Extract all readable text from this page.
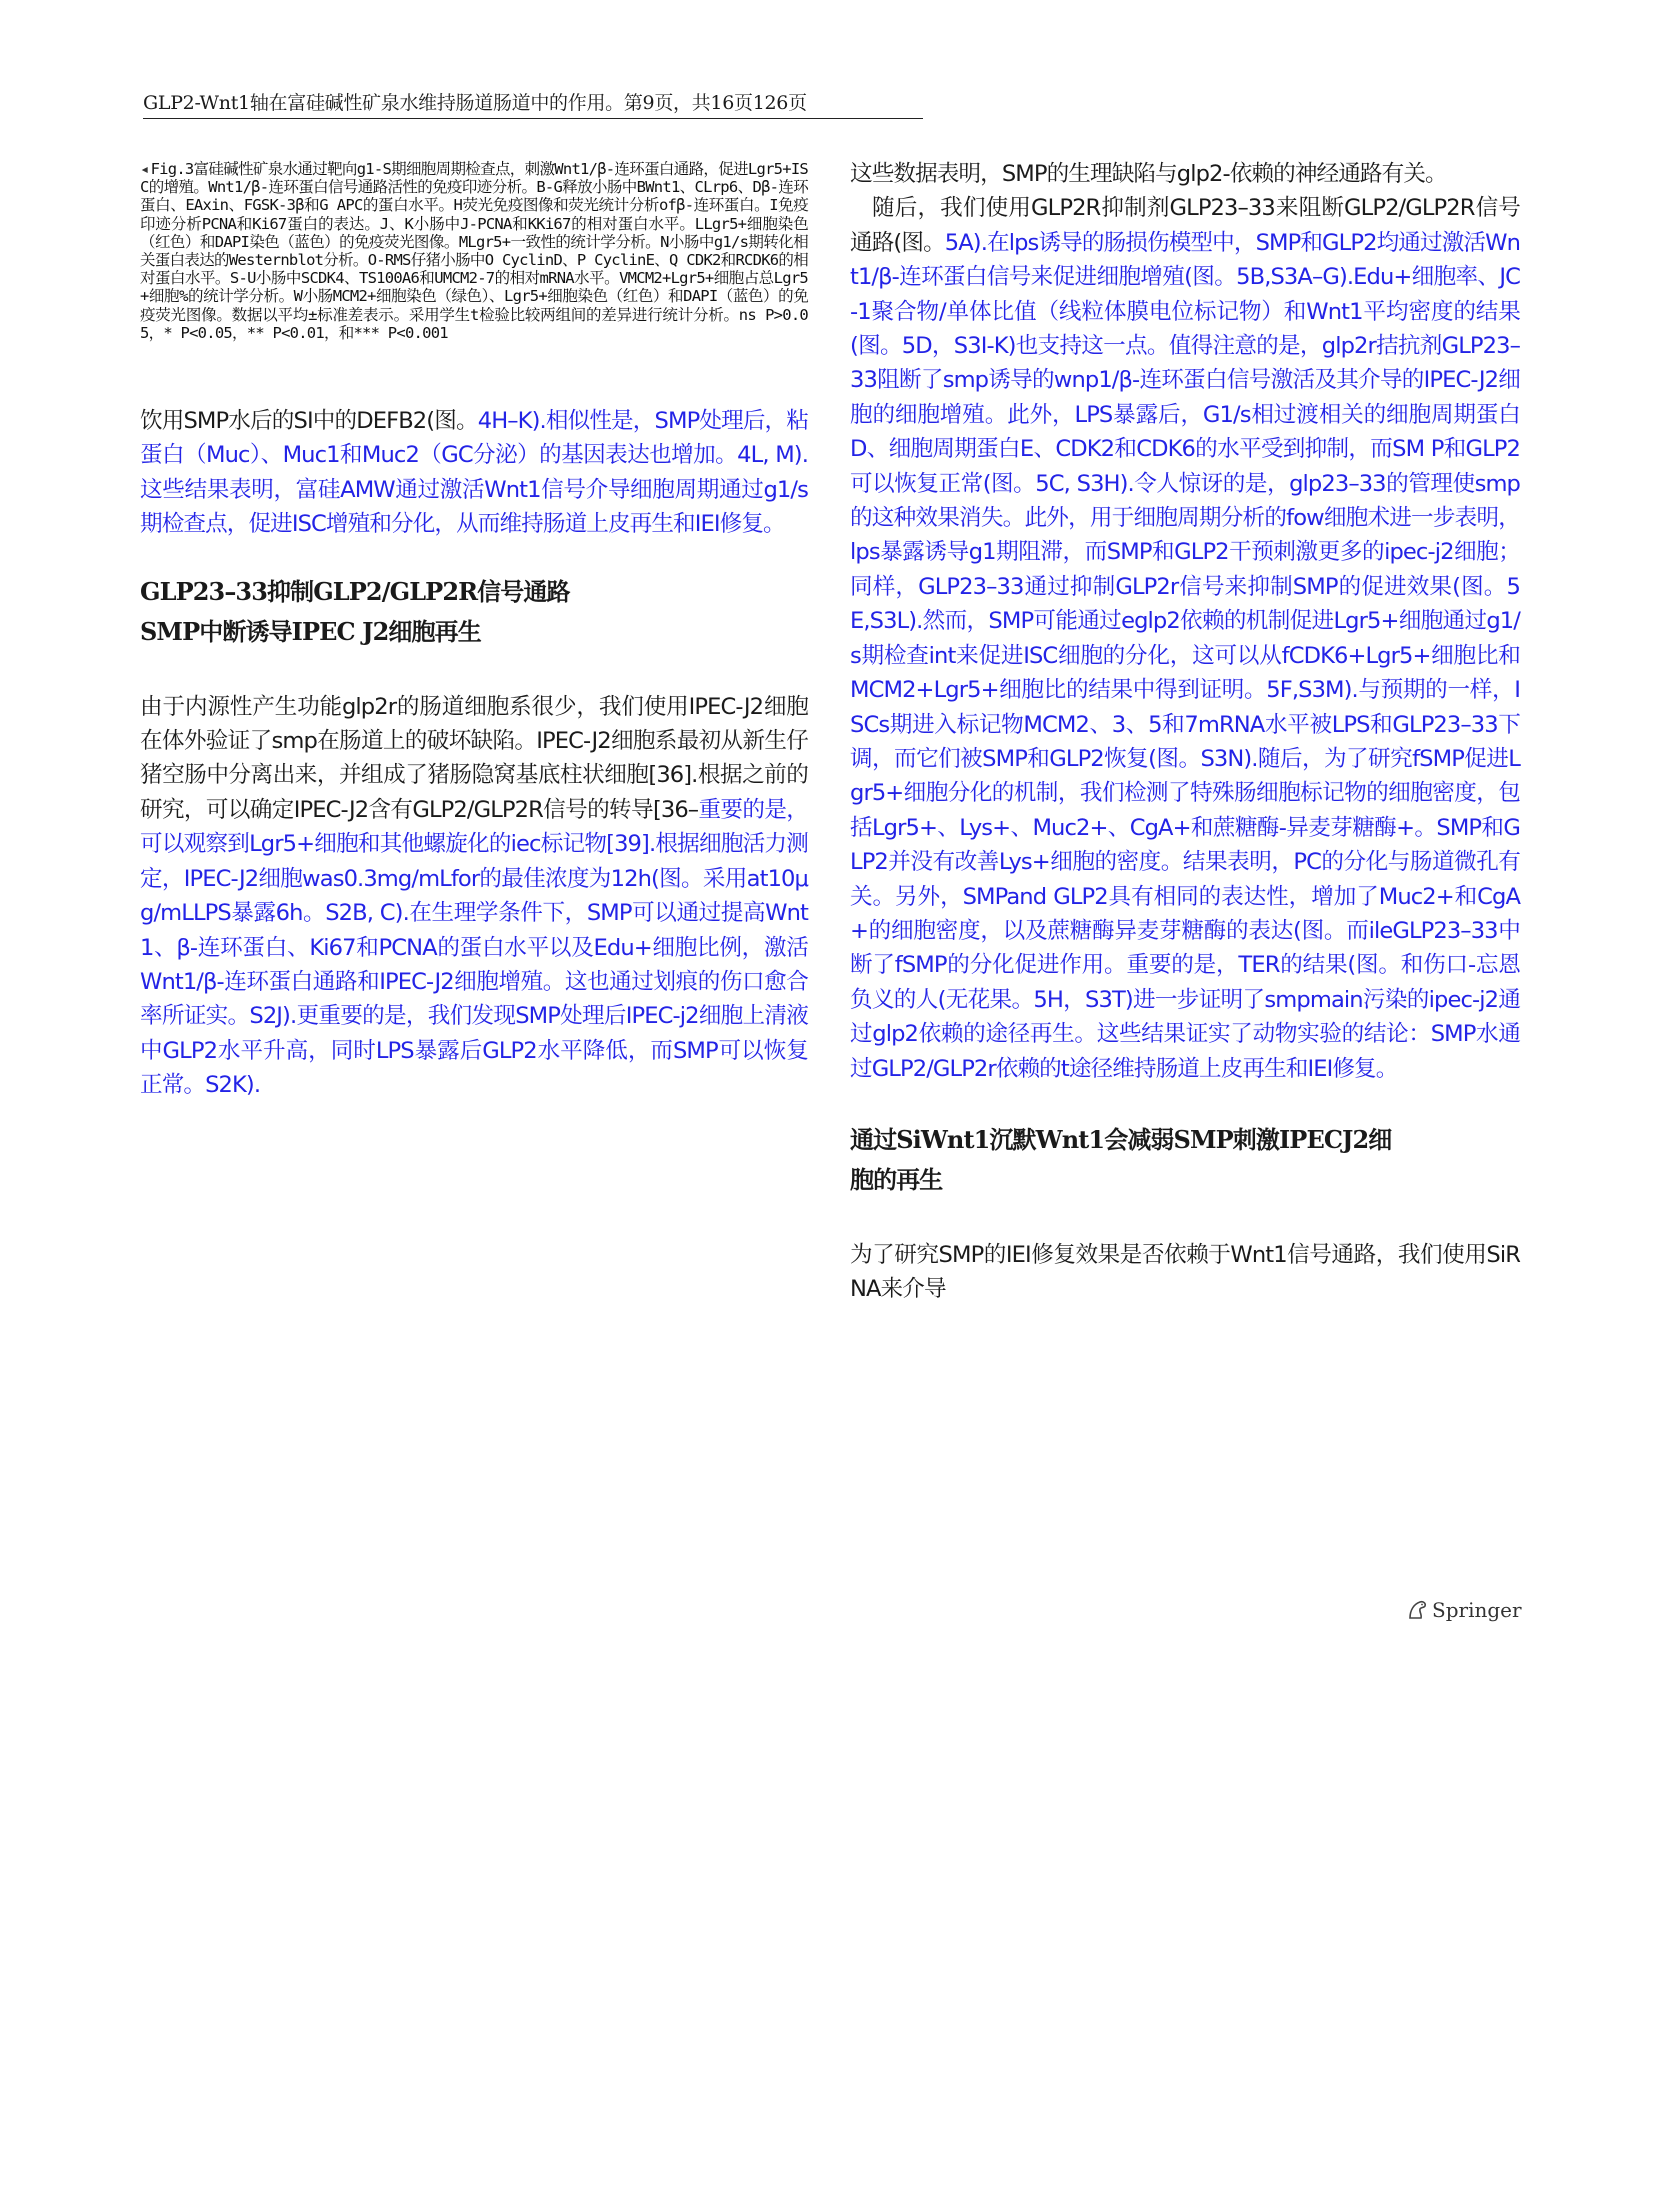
GLP2-Wnt1轴在富硅碱性矿泉水维持肠道肠道中的作用。第9页，共16页126页

◂ Fig.3富硅碱性矿泉水通过靶向g1-S期细胞周期检查点，刺激Wnt1/β-连环蛋白通路，促进Lgr5+ISC的增殖。Wnt1/β-连环蛋白信号通路活性的免疫印迹分析。B-G释放小肠中BWnt1、CLrp6、Dβ-连环蛋白、EAxin、FGSK-3β和G APC的蛋白水平。H荧光免疫图像和荧光统计分析ofβ-连环蛋白。I免疫印迹分析PCNA和Ki67蛋白的表达。J、K小肠中J-PCNA和KKi67的相对蛋白水平。LLgr5+细胞染色（红色）和DAPI染色（蓝色）的免疫荧光图像。MLgr5+一致性的统计学分析。N小肠中g1/s期转化相关蛋白表达的Westernblot分析。O-RMS仔猪小肠中O CyclinD、P CyclinE、Q CDK2和RCDK6的相对蛋白水平。S-U小肠中SCDK4、TS100A6和UMCM2-7的相对mRNA水平。VMCM2+Lgr5+细胞占总Lgr5+细胞%的统计学分析。W小肠MCM2+细胞染色（绿色）、Lgr5+细胞染色（红色）和DAPI（蓝色）的免疫荧光图像。数据以平均±标准差表示。采用学生t检验比较两组间的差异进行统计分析。ns P>0.05，* P<0.05，** P<0.01，和*** P<0.001

饮用SMP水后的SI中的DEFB2(图。4H–K).相似性是，SMP处理后，粘蛋白（Muc）、Muc1和Muc2（GC分泌）的基因表达也增加。4L, M).这些结果表明，富硅AMW通过激活Wnt1信号介导细胞周期通过g1/s期检查点，促进ISC增殖和分化，从而维持肠道上皮再生和IEI修复。

GLP23–33抑制GLP2/GLP2R信号通路
SMP中断诱导IPEC J2细胞再生

由于内源性产生功能glp2r的肠道细胞系很少，我们使用IPEC-J2细胞在体外验证了smp在肠道上的破坏缺陷。IPEC-J2细胞系最初从新生仔猪空肠中分离出来，并组成了猪肠隐窝基底柱状细胞[36].根据之前的研究，可以确定IPEC-J2含有GLP2/GLP2R信号的转导[36–重要的是，可以观察到Lgr5+细胞和其他螺旋化的iec标记物[39].根据细胞活力测定，IPEC-J2细胞was0.3mg/mLfor的最佳浓度为12h(图。采用at10μg/mLLPS暴露6h。S2B, C).在生理学条件下，SMP可以通过提高Wnt1、β-连环蛋白、Ki67和PCNA的蛋白水平以及Edu+细胞比例，激活Wnt1/β-连环蛋白通路和IPEC-J2细胞增殖。这也通过划痕的伤口愈合率所证实。S2J).更重要的是，我们发现SMP处理后IPEC-j2细胞上清液中GLP2水平升高，同时LPS暴露后GLP2水平降低，而SMP可以恢复正常。S2K).

这些数据表明，SMP的生理缺陷与glp2-依赖的神经通路有关。

随后，我们使用GLP2R抑制剂GLP23–33来阻断GLP2/GLP2R信号通路(图。5A).在lps诱导的肠损伤模型中，SMP和GLP2均通过激活Wnt1/β-连环蛋白信号来促进细胞增殖(图。5B,S3A–G).Edu+细胞率、JC-1聚合物/单体比值（线粒体膜电位标记物）和Wnt1平均密度的结果(图。5D，S3I-K)也支持这一点。值得注意的是，glp2r拮抗剂GLP23–33阻断了smp诱导的wnp1/β-连环蛋白信号激活及其介导的IPEC-J2细胞的细胞增殖。此外，LPS暴露后，G1/s相过渡相关的细胞周期蛋白D、细胞周期蛋白E、CDK2和CDK6的水平受到抑制，而SM P和GLP2可以恢复正常(图。5C, S3H).令人惊讶的是，glp23–33的管理使smp的这种效果消失。此外，用于细胞周期分析的fow细胞术进一步表明，lps暴露诱导g1期阻滞，而SMP和GLP2干预刺激更多的ipec-j2细胞；同样，GLP23–33通过抑制GLP2r信号来抑制SMP的促进效果(图。5 E,S3L).然而，SMP可能通过eglp2依赖的机制促进Lgr5+细胞通过g1/s期检查int来促进ISC细胞的分化，这可以从fCDK6+Lgr5+细胞比和MCM2+Lgr5+细胞比的结果中得到证明。5F,S3M).与预期的一样，ISCs期进入标记物MCM2、3、5和7mRNA水平被LPS和GLP23–33下调，而它们被SMP和GLP2恢复(图。S3N).随后，为了研究fSMP促进Lgr5+细胞分化的机制，我们检测了特殊肠细胞标记物的细胞密度，包括Lgr5+、Lys+、Muc2+、CgA+和蔗糖酶-异麦芽糖酶+。SMP和GLP2并没有改善Lys+细胞的密度。结果表明，PC的分化与肠道微孔有关。另外，SMPand GLP2具有相同的表达性，增加了Muc2+和CgA+的细胞密度，以及蔗糖酶异麦芽糖酶的表达(图。而ileGLP23–33中断了fSMP的分化促进作用。重要的是，TER的结果(图。和伤口-忘恩负义的人(无花果。5H，S3T)进一步证明了smpmain污染的ipec-j2通过glp2依赖的途径再生。这些结果证实了动物实验的结论：SMP水通过GLP2/GLP2r依赖的t途径维持肠道上皮再生和IEI修复。

通过SiWnt1沉默Wnt1会减弱SMP刺激IPECJ2细
胞的再生

为了研究SMP的IEI修复效果是否依赖于Wnt1信号通路，我们使用SiRNA来介导

Springer
